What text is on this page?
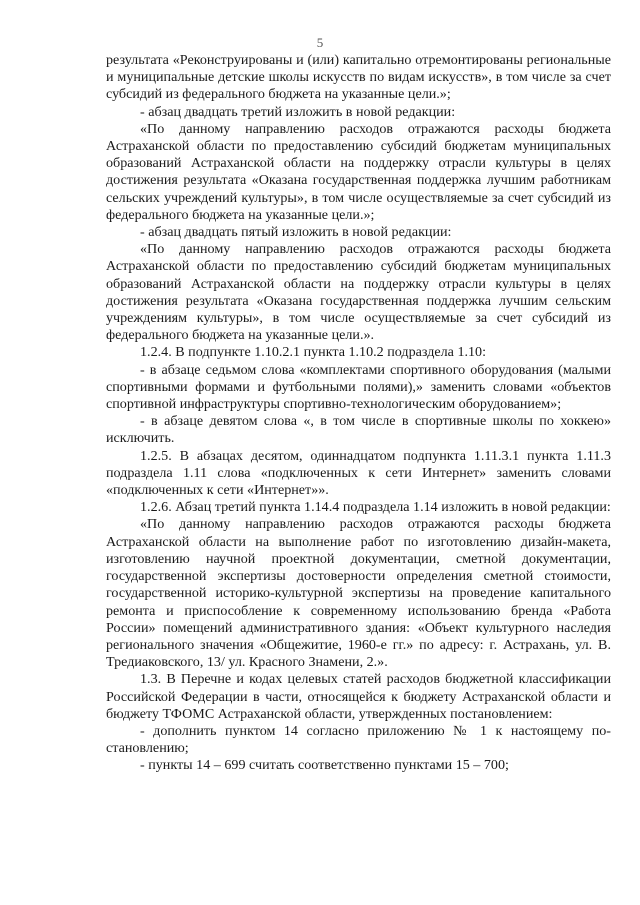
5

результата «Реконструированы и (или) капитально отремонтированы региональные и муниципальные детские школы искусств по видам искусств», в том числе за счет субсидий из федерального бюджета на указанные цели.»;

- абзац двадцать третий изложить в новой редакции:

«По данному направлению расходов отражаются расходы бюджета Астраханской области по предоставлению субсидий бюджетам муниципальных образований Астраханской области на поддержку отрасли культуры в целях достижения результата «Оказана государственная поддержка лучшим работникам сельских учреждений культуры», в том числе осуществляемые за счет субсидий из федерального бюджета на указанные цели.»;

- абзац двадцать пятый изложить в новой редакции:

«По данному направлению расходов отражаются расходы бюджета Астраханской области по предоставлению субсидий бюджетам муниципальных образований Астраханской области на поддержку отрасли культуры в целях достижения результата «Оказана государственная поддержка лучшим сельским учреждениям культуры», в том числе осуществляемые за счет субсидий из федерального бюджета на указанные цели.».

1.2.4. В подпункте 1.10.2.1 пункта 1.10.2 подраздела 1.10:

- в абзаце седьмом слова «комплектами спортивного оборудования (малыми спортивными формами и футбольными полями),» заменить словами «объектов спортивной инфраструктуры спортивно-технологическим оборудованием»;

- в абзаце девятом слова «, в том числе в спортивные школы по хоккею» исключить.

1.2.5. В абзацах десятом, одиннадцатом подпункта 1.11.3.1 пункта 1.11.3 подраздела 1.11 слова «подключенных к сети Интернет» заменить словами «подключенных к сети «Интернет»».

1.2.6. Абзац третий пункта 1.14.4 подраздела 1.14 изложить в новой редакции:

«По данному направлению расходов отражаются расходы бюджета Астраханской области на выполнение работ по изготовлению дизайн-макета, изготовлению научной проектной документации, сметной документации, государственной экспертизы достоверности определения сметной стоимости, государственной историко-культурной экспертизы на проведение капитального ремонта и приспособление к современному использованию бренда «Работа России» помещений административного здания: «Объект культурного наследия регионального значения «Общежитие, 1960-е гг.» по адресу: г. Астрахань, ул. В. Тредиаковского, 13/ ул. Красного Знамени, 2.».

1.3. В Перечне и кодах целевых статей расходов бюджетной классификации Российской Федерации в части, относящейся к бюджету Астраханской области и бюджету ТФОМС Астраханской области, утвержденных постановлением:

- дополнить пунктом 14 согласно приложению № 1 к настоящему постановлению;

- пункты 14 – 699 считать соответственно пунктами 15 – 700;
